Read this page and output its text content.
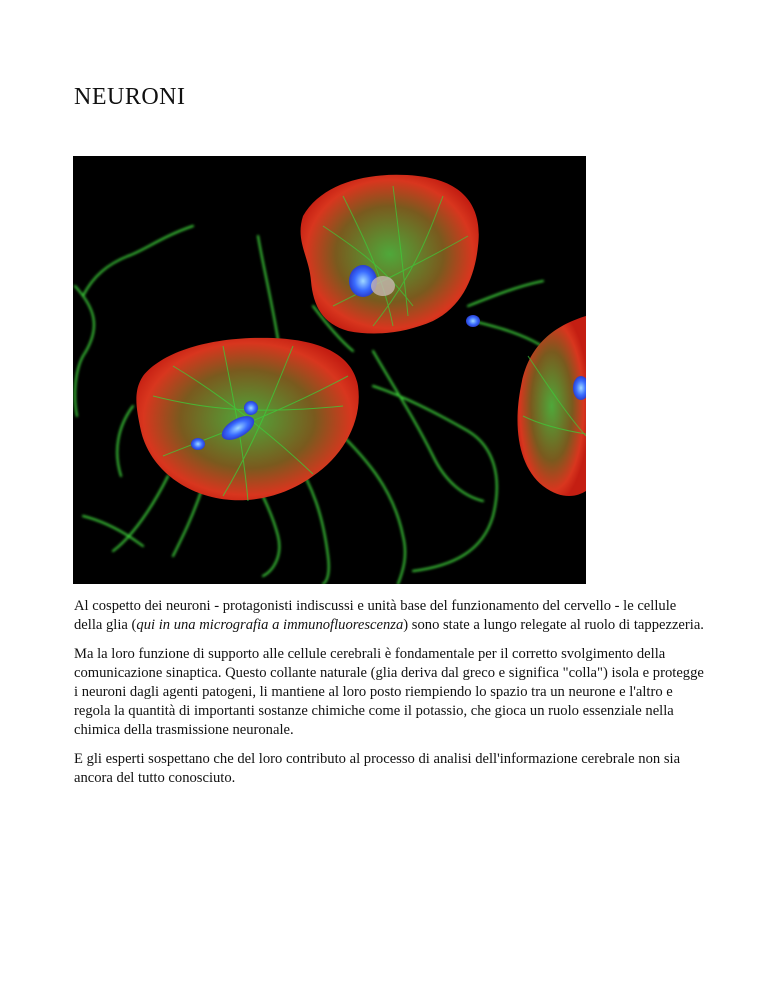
NEURONI

Al cospetto dei neuroni - protagonisti indiscussi e unità base del funzionamento del cervello - le cellule della glia (qui in una micrografia a immunofluorescenza) sono state a lungo relegate al ruolo di tappezzeria.

Ma la loro funzione di supporto alle cellule cerebrali è fondamentale per il corretto svolgimento della comunicazione sinaptica. Questo collante naturale (glia deriva dal greco e significa "colla") isola e protegge i neuroni dagli agenti patogeni, li mantiene al loro posto riempiendo lo spazio tra un neurone e l'altro e regola la quantità di importanti sostanze chimiche come il potassio, che gioca un ruolo essenziale nella chimica della trasmissione neuronale.

E gli esperti sospettano che del loro contributo al processo di analisi dell'informazione cerebrale non sia ancora del tutto conosciuto.
